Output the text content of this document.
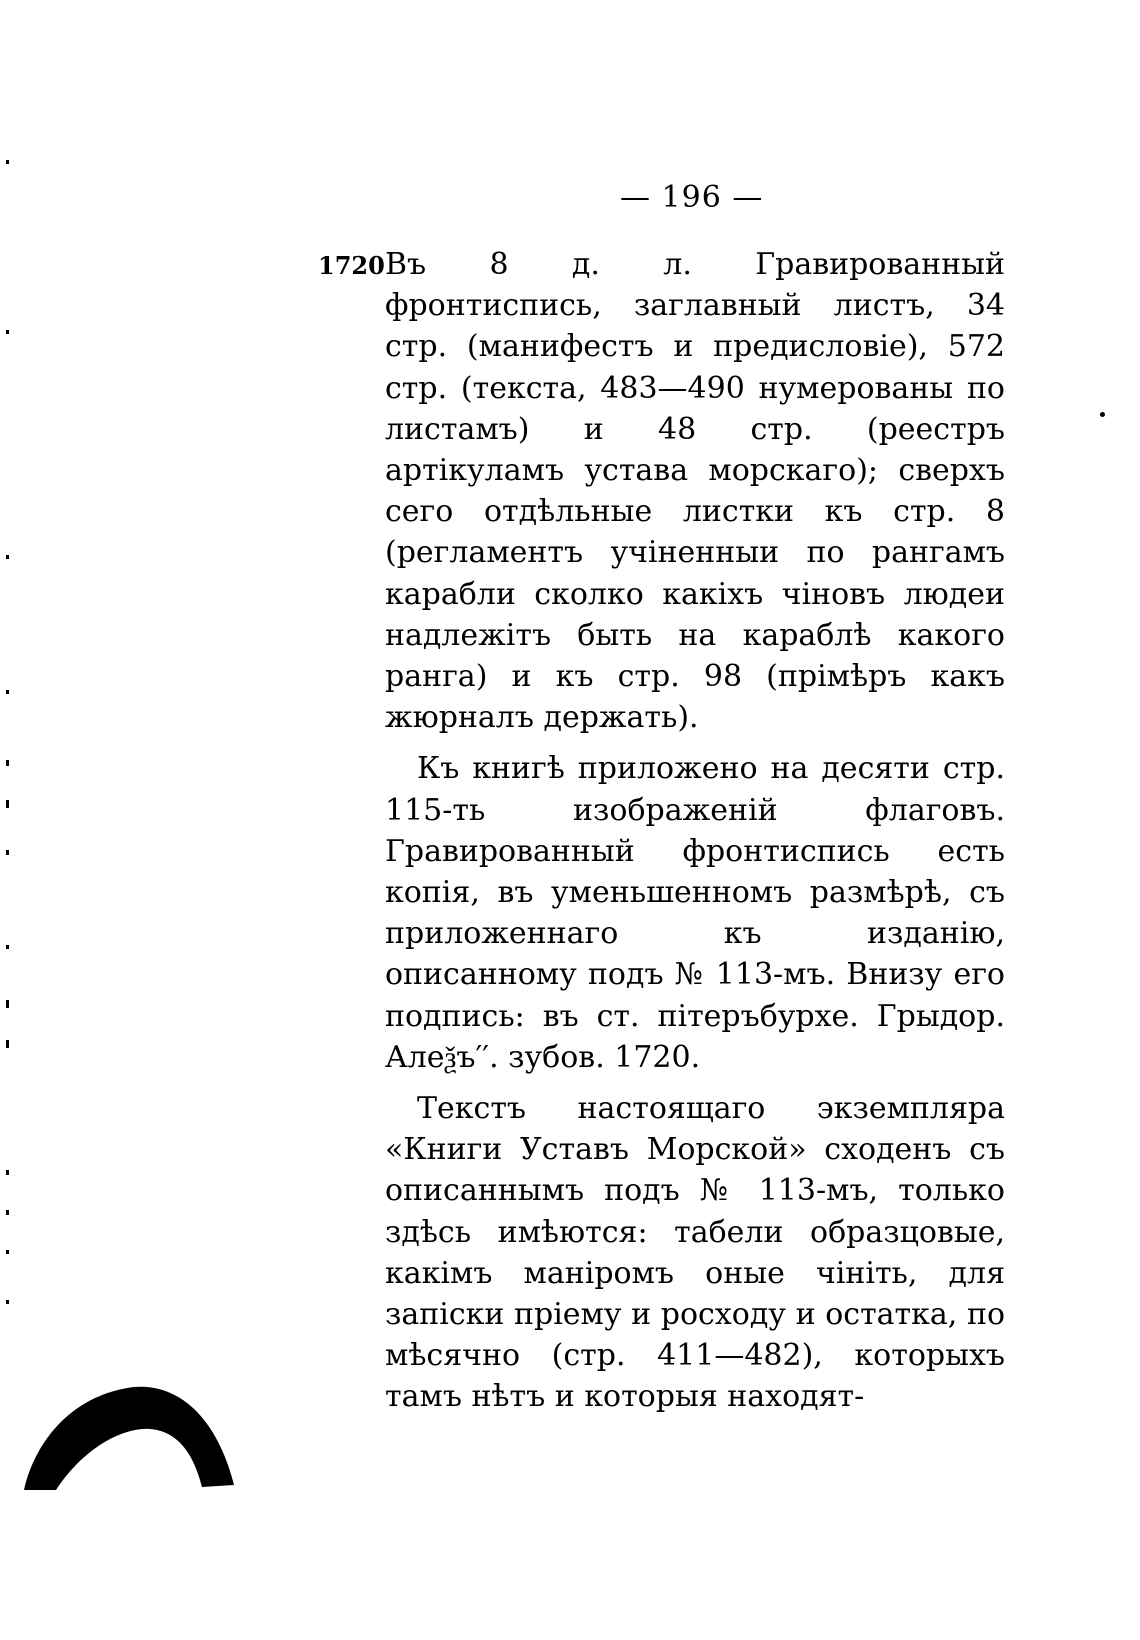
— 196 —
1720 Въ 8 д. л. Гравированный фронтиспись, заглавный листъ, 34 стр. (манифестъ и предисловіе), 572 стр. (текста, 483—490 нумерованы по листамъ) и 48 стр. (реестръ артікуламъ устава морскаго); сверхъ сего отдѣльные листки къ стр. 8 (регламентъ учіненныи по рангамъ карабли сколко какіхъ чіновъ людеи надлежітъ быть на караблѣ какого ранга) и къ стр. 98 (прімѣръ какъ жюрналъ держать).

Къ книгѣ приложено на десяти стр. 115-ть изображеній флаговъ. Гравированный фронтиспись есть копія, въ уменьшенномъ размѣрѣ, съ приложеннаго къ изданію, описанному подъ № 113-мъ. Внизу его подпись: въ ст. пітеръбурхе. Грыдор. Алеѯъ′′. зубов. 1720.

Текстъ настоящаго экземпляра «Книги Уставъ Морской» сходенъ съ описаннымъ подъ № 113-мъ, только здѣсь имѣются: табели образцовые, какімъ маніромъ оные чініть, для запіски пріему и росходу и остатка, по мѣсячно (стр. 411—482), которыхъ тамъ нѣтъ и которыя находят-
